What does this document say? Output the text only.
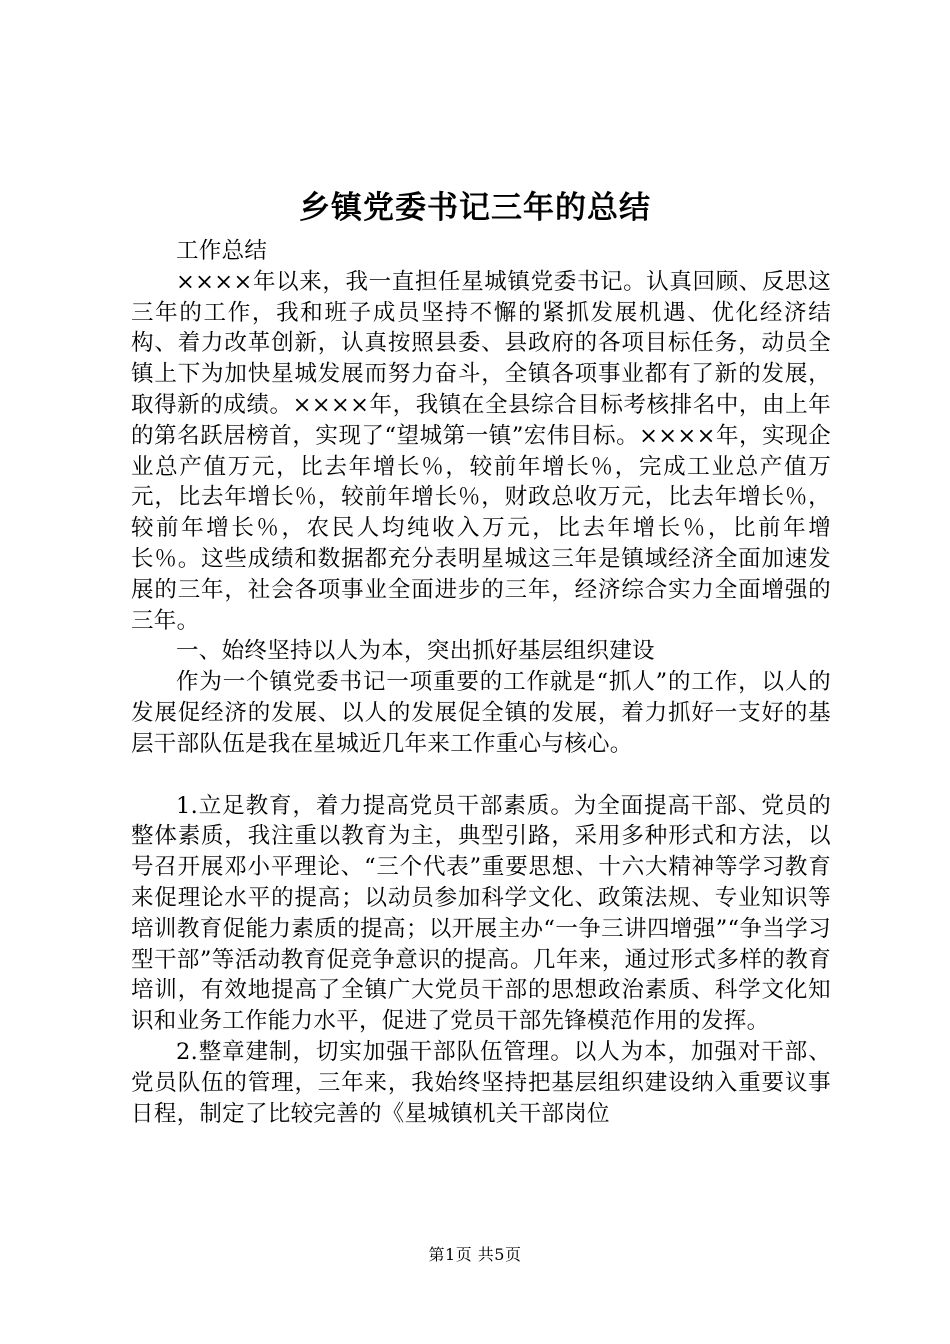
乡镇党委书记三年的总结

工作总结

××××年以来，我一直担任星城镇党委书记。认真回顾、反思这三年的工作，我和班子成员坚持不懈的紧抓发展机遇、优化经济结构、着力改革创新，认真按照县委、县政府的各项目标任务，动员全镇上下为加快星城发展而努力奋斗，全镇各项事业都有了新的发展，取得新的成绩。××××年，我镇在全县综合目标考核排名中，由上年的第名跃居榜首，实现了“望城第一镇”宏伟目标。××××年，实现企业总产值万元，比去年增长％，较前年增长％，完成工业总产值万元，比去年增长％，较前年增长％，财政总收万元，比去年增长％，较前年增长％，农民人均纯收入万元，比去年增长％，比前年增长％。这些成绩和数据都充分表明星城这三年是镇域经济全面加速发展的三年，社会各项事业全面进步的三年，经济综合实力全面增强的三年。

一、始终坚持以人为本，突出抓好基层组织建设

作为一个镇党委书记一项重要的工作就是“抓人”的工作，以人的发展促经济的发展、以人的发展促全镇的发展，着力抓好一支好的基层干部队伍是我在星城近几年来工作重心与核心。

1.立足教育，着力提高党员干部素质。为全面提高干部、党员的整体素质，我注重以教育为主，典型引路，采用多种形式和方法，以号召开展邓小平理论、“三个代表”重要思想、十六大精神等学习教育来促理论水平的提高；以动员参加科学文化、政策法规、专业知识等培训教育促能力素质的提高；以开展主办“一争三讲四增强”“争当学习型干部”等活动教育促竞争意识的提高。几年来，通过形式多样的教育培训，有效地提高了全镇广大党员干部的思想政治素质、科学文化知识和业务工作能力水平，促进了党员干部先锋模范作用的发挥。

2.整章建制，切实加强干部队伍管理。以人为本，加强对干部、党员队伍的管理，三年来，我始终坚持把基层组织建设纳入重要议事日程，制定了比较完善的《星城镇机关干部岗位

第1页 共5页
